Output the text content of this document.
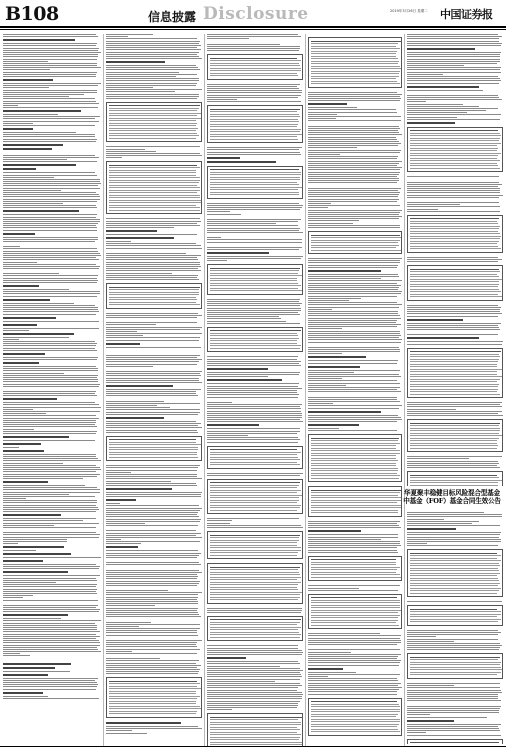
B108	信息披露 Disclosure	2019年3月26日 星期二 中国证券报
华夏聚丰稳健目标风险混合型基金
中基金（FOF）基金合同生效公告
